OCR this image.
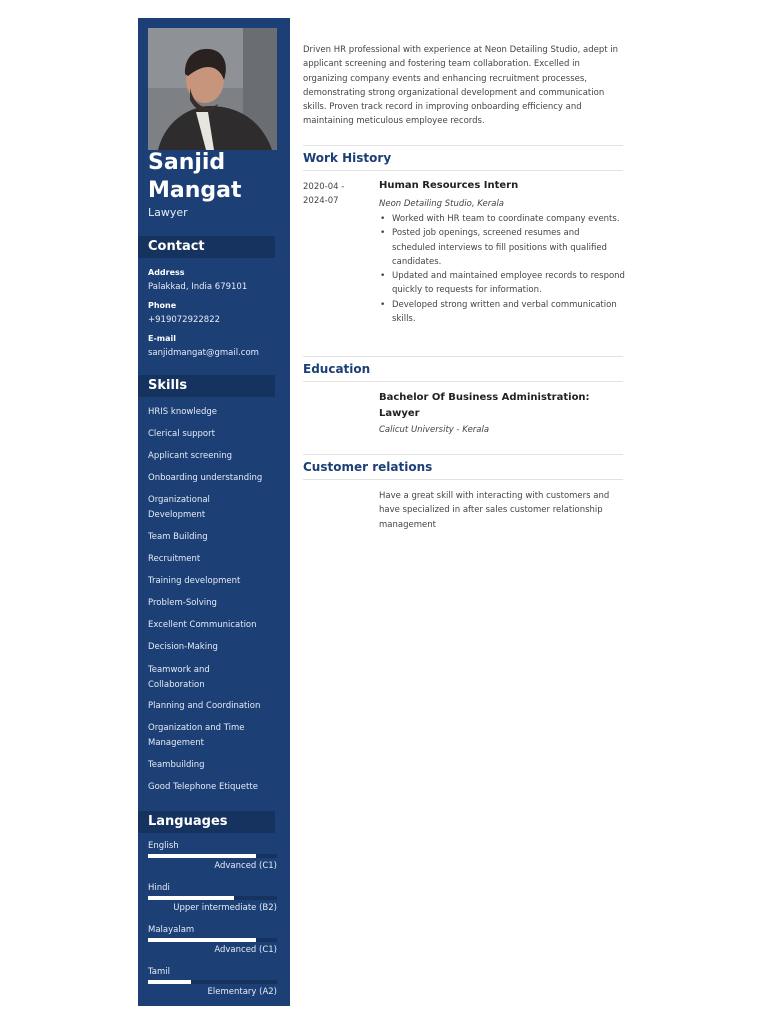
Sanjid
Mangat
Lawyer
Contact
Address
Palakkad, India 679101
Phone
+919072922822
E-mail
sanjidmangat@gmail.com
Skills
HRIS knowledge
Clerical support
Applicant screening
Onboarding understanding
Organizational Development
Team Building
Recruitment
Training development
Problem-Solving
Excellent Communication
Decision-Making
Teamwork and Collaboration
Planning and Coordination
Organization and Time Management
Teambuilding
Good Telephone Etiquette
Languages
English
Advanced (C1)
Hindi
Upper intermediate (B2)
Malayalam
Advanced (C1)
Tamil
Elementary (A2)
Driven HR professional with experience at Neon Detailing Studio, adept in applicant screening and fostering team collaboration. Excelled in organizing company events and enhancing recruitment processes, demonstrating strong organizational development and communication skills. Proven track record in improving onboarding efficiency and maintaining meticulous employee records.
Work History
2020-04 -
2024-07
Human Resources Intern
Neon Detailing Studio, Kerala
• Worked with HR team to coordinate company events.
• Posted job openings, screened resumes and scheduled interviews to fill positions with qualified candidates.
• Updated and maintained employee records to respond quickly to requests for information.
• Developed strong written and verbal communication skills.
Education
Bachelor Of Business Administration: Lawyer
Calicut University - Kerala
Customer relations
Have a great skill with interacting with customers and have specialized in after sales customer relationship management
